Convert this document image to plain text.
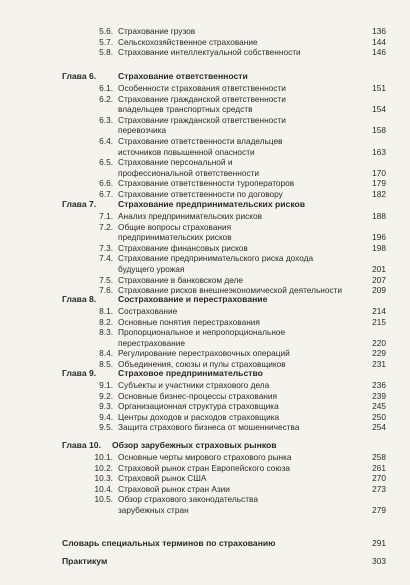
5.6. Страхование грузов	136
5.7. Сельскохозяйственное страхование	144
5.8. Страхование интеллектуальной собственности	146
Глава 6.	Страхование ответственности
6.1. Особенности страхования ответственности	151
6.2. Страхование гражданской ответственности владельцев транспортных средств	154
6.3. Страхование гражданской ответственности перевозчика	158
6.4. Страхование ответственности владельцев источников повышенной опасности	163
6.5. Страхование персональной и профессиональной ответственности	170
6.6. Страхование ответственности туроператоров	179
6.7. Страхование ответственности по договору	182
Глава 7.	Страхование предпринимательских рисков
7.1. Анализ предпринимательских рисков	188
7.2. Общие вопросы страхования предпринимательских рисков	196
7.3. Страхование финансовых рисков	198
7.4. Страхование предпринимательского риска дохода будущего урожая	201
7.5. Страхование в банковском деле	207
7.6. Страхование рисков внешнеэкономической деятельности	209
Глава 8.	Сострахование и перестрахование
8.1. Сострахование	214
8.2. Основные понятия перестрахования	215
8.3. Пропорциональное и непропорциональное перестрахование	220
8.4. Регулирование перестраховочных операций	229
8.5. Объединения, союзы и пулы страховщиков	231
Глава 9.	Страховое предпринимательство
9.1. Субъекты и участники страхового дела	236
9.2. Основные бизнес-процессы страхования	239
9.3. Организационная структура страховщика	245
9.4. Центры доходов и расходов страховщика	250
9.5. Защита страхового бизнеса от мошенничества	254
Глава 10. Обзор зарубежных страховых рынков
10.1. Основные черты мирового страхового рынка	258
10.2. Страховой рынок стран Европейского союза	261
10.3. Страховой рынок США	270
10.4. Страховой рынок стран Азии	273
10.5. Обзор страхового законодательства зарубежных стран	279
Словарь специальных терминов по страхованию	291
Практикум	303
